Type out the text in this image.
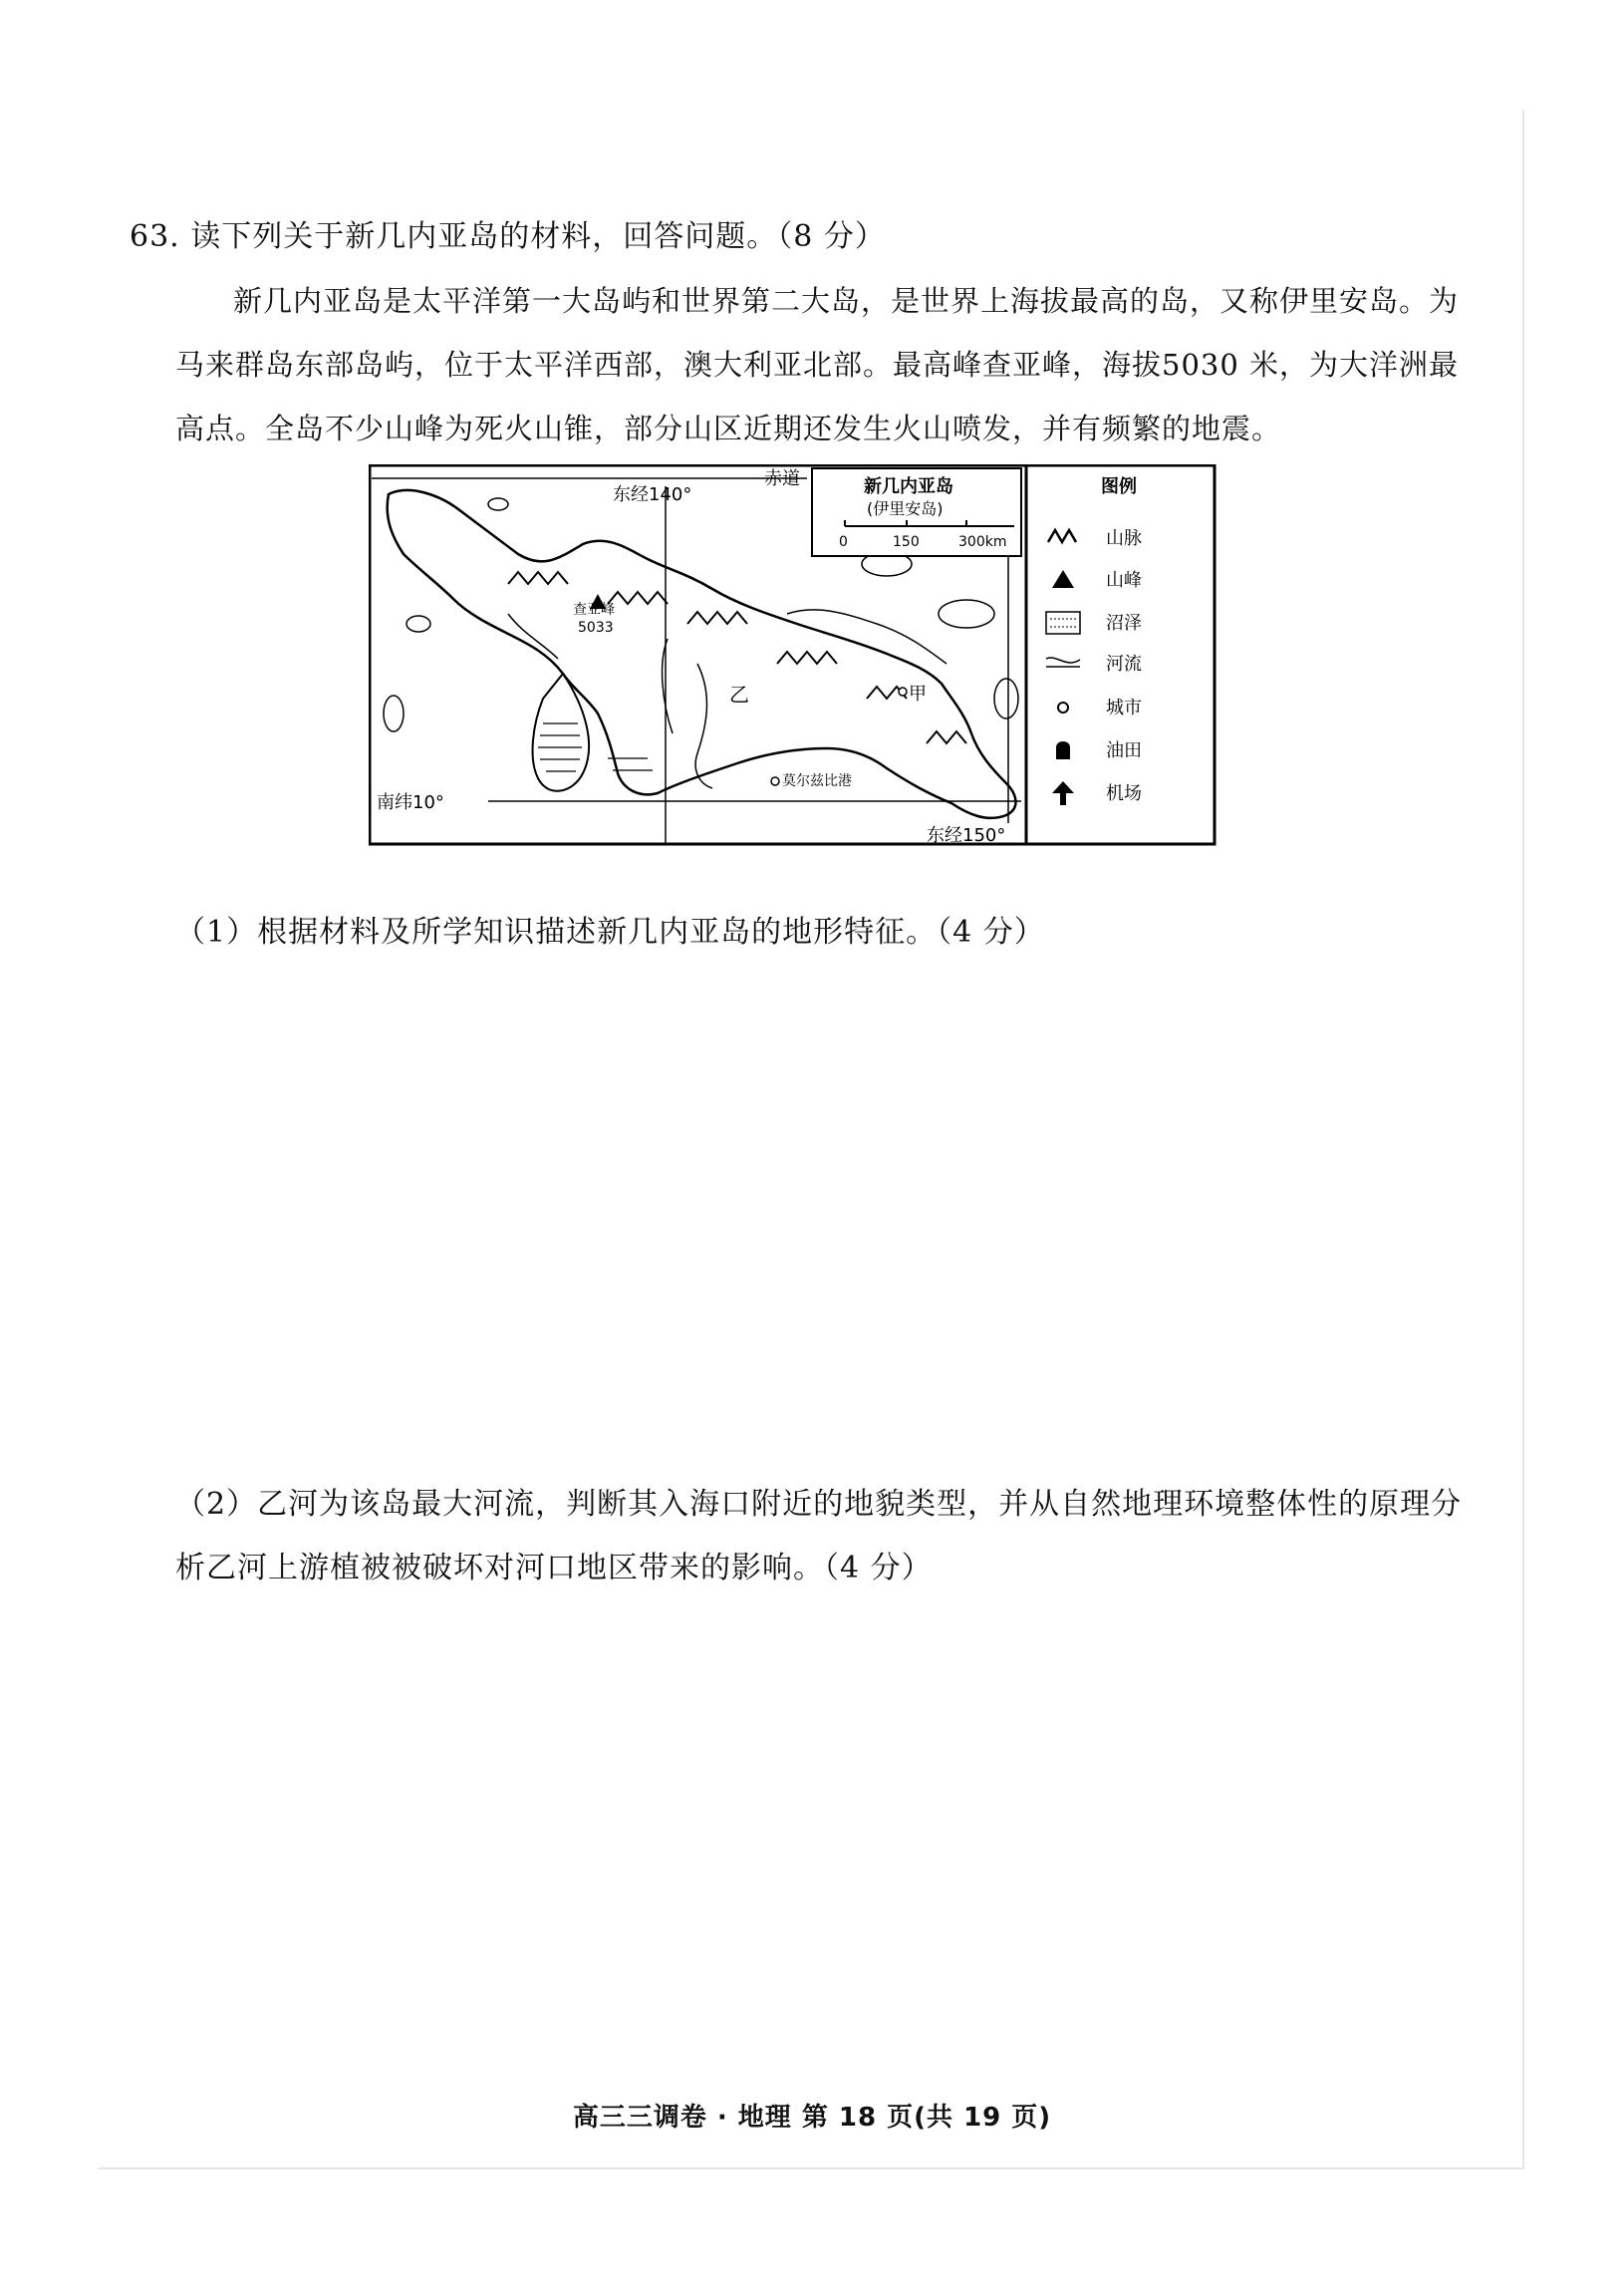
63. 读下列关于新几内亚岛的材料，回答问题。（8 分）
新几内亚岛是太平洋第一大岛屿和世界第二大岛，是世界上海拔最高的岛，又称伊里安岛。为马来群岛东部岛屿，位于太平洋西部，澳大利亚北部。最高峰查亚峰，海拔5030 米，为大洋洲最高点。全岛不少山峰为死火山锥，部分山区近期还发生火山喷发，并有频繁的地震。
查亚峰
5033
东经140°
赤道
南纬10°
东经150°
乙	甲
莫尔兹比港
新几内亚岛
(伊里安岛)
0	150	300km
图例
山脉
山峰
沼泽
河流
城市
油田
机场
（1）根据材料及所学知识描述新几内亚岛的地形特征。（4 分）
（2）乙河为该岛最大河流，判断其入海口附近的地貌类型，并从自然地理环境整体性的原理分析乙河上游植被被破坏对河口地区带来的影响。（4 分）
高三三调卷 · 地理 第 18 页(共 19 页)
